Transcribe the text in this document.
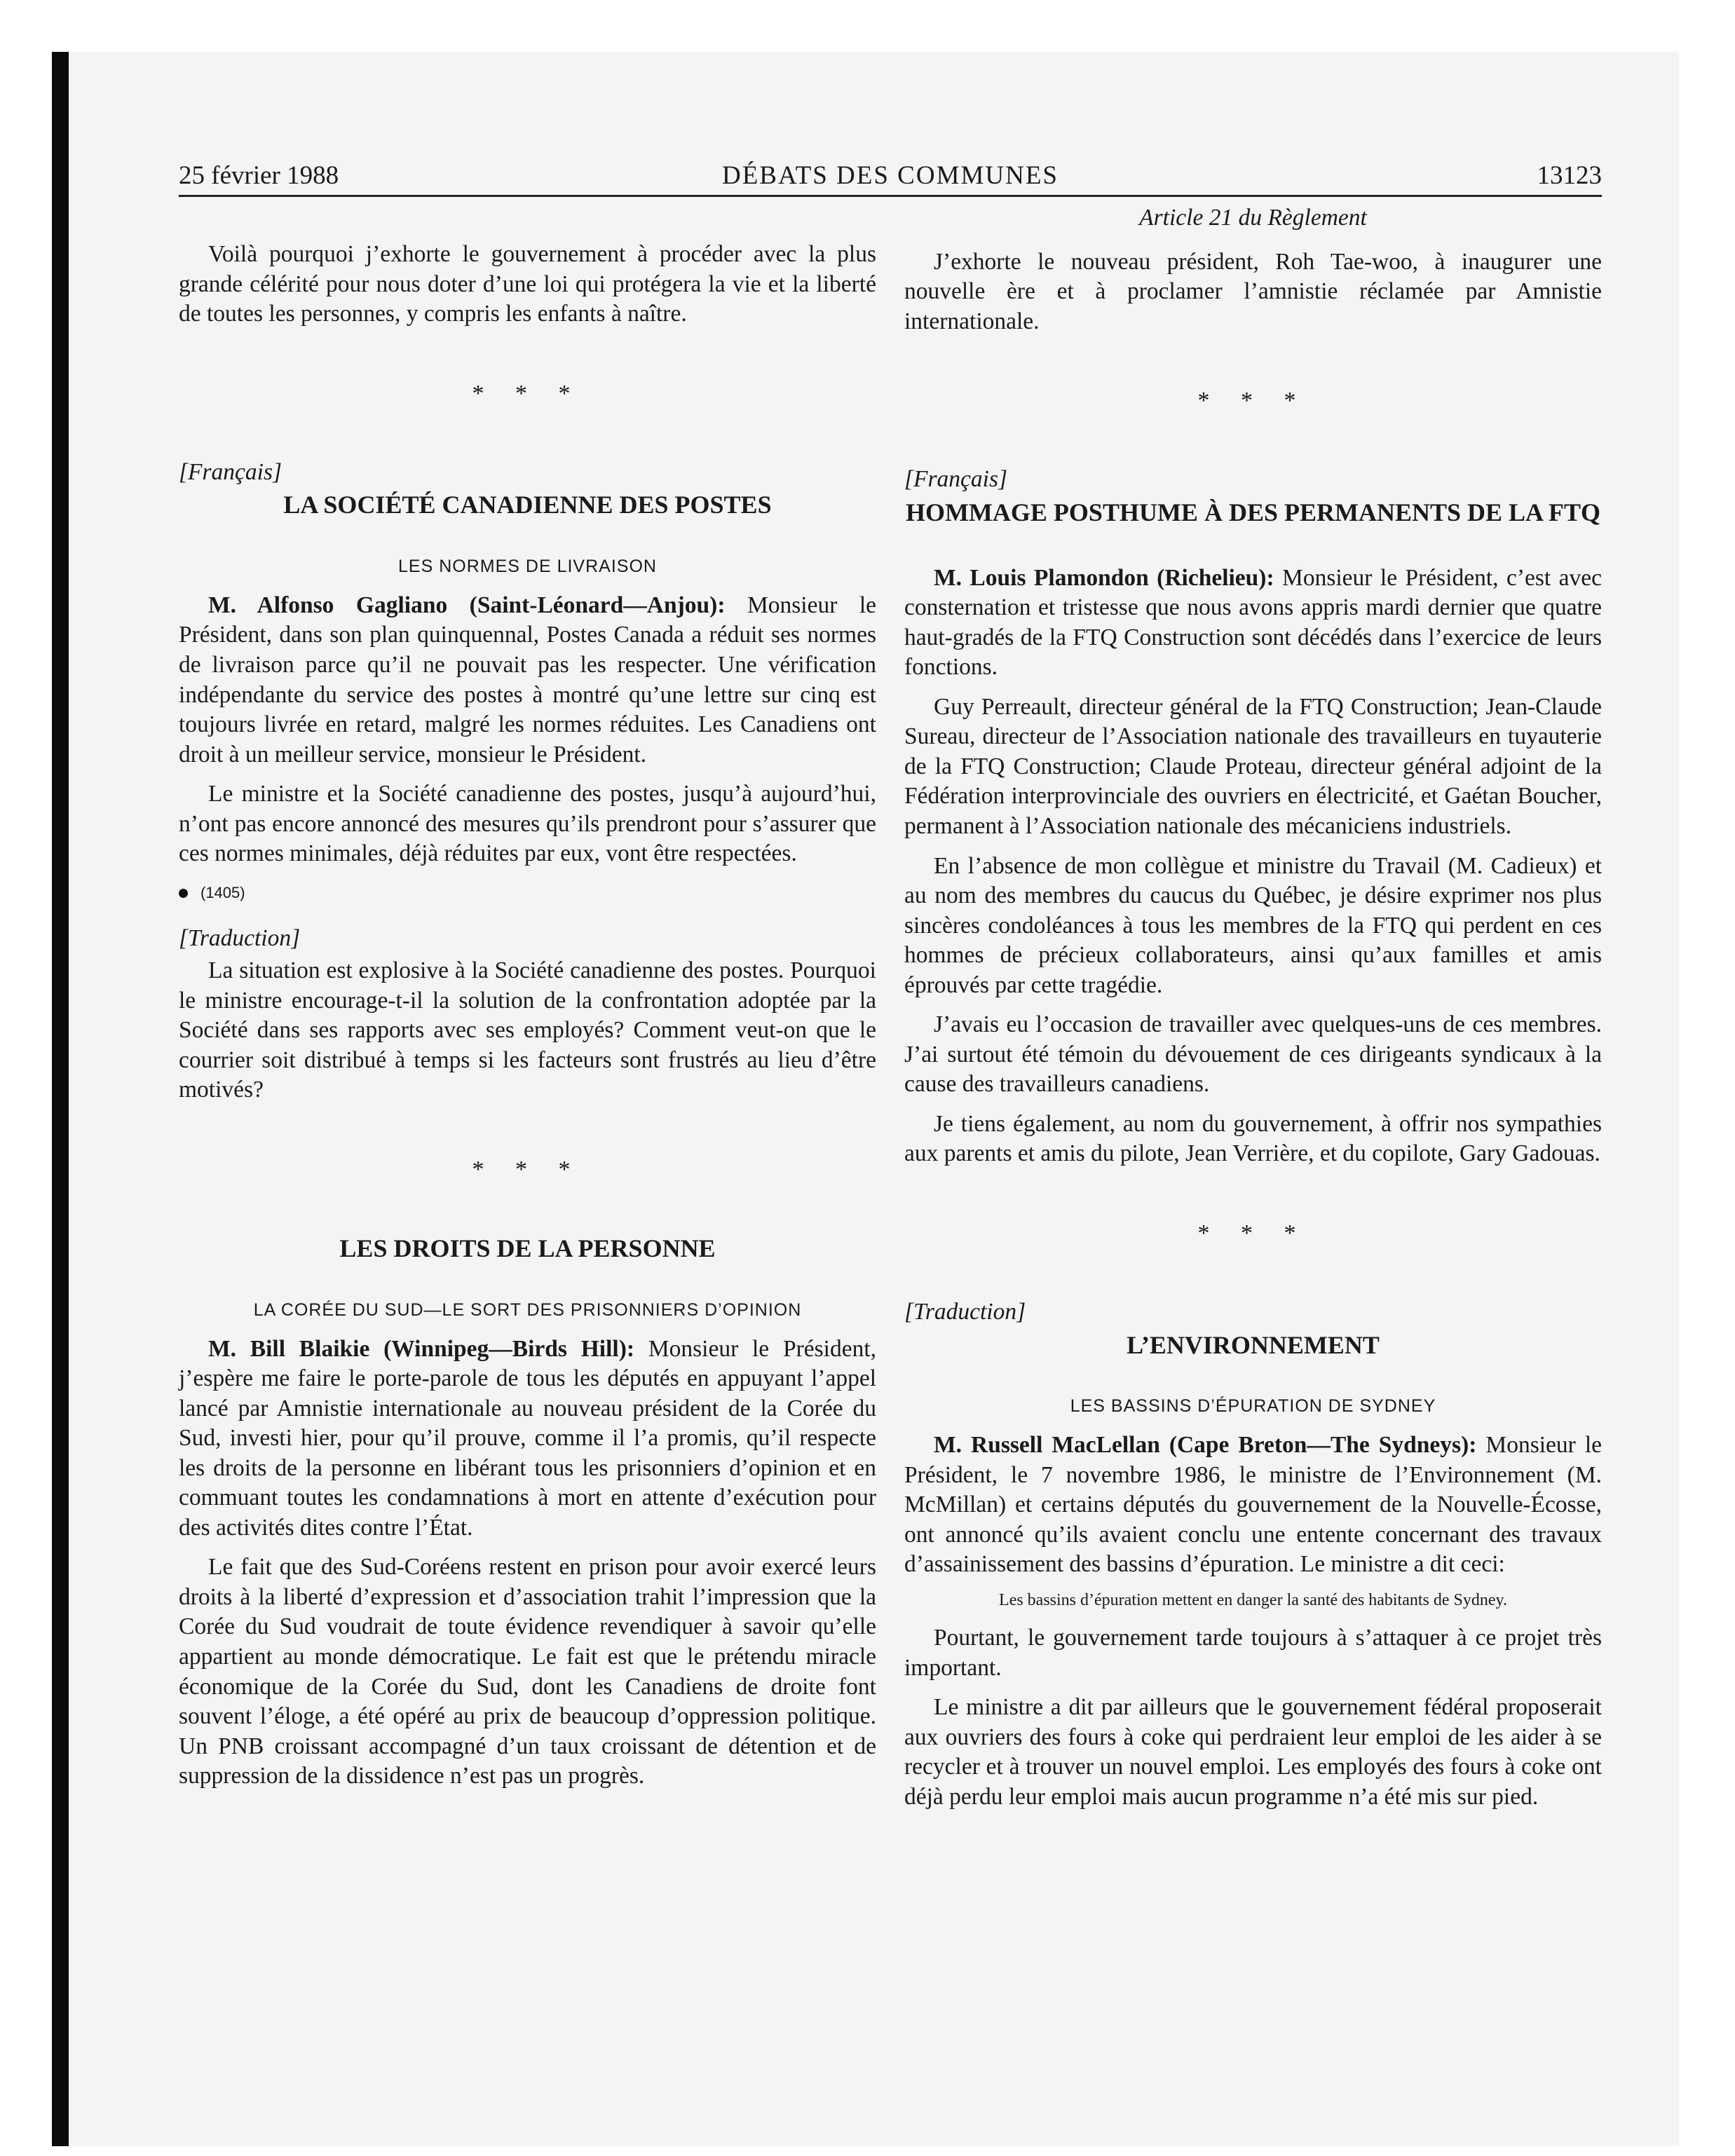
25 février 1988	DÉBATS DES COMMUNES	13123

Voilà pourquoi j’exhorte le gouvernement à procéder avec la plus grande célérité pour nous doter d’une loi qui protégera la vie et la liberté de toutes les personnes, y compris les enfants à naître.

* * *
[Français]
LA SOCIÉTÉ CANADIENNE DES POSTES
LES NORMES DE LIVRAISON

M. Alfonso Gagliano (Saint-Léonard—Anjou): Monsieur le Président, dans son plan quinquennal, Postes Canada a réduit ses normes de livraison parce qu’il ne pouvait pas les respecter. Une vérification indépendante du service des postes à montré qu’une lettre sur cinq est toujours livrée en retard, malgré les normes réduites. Les Canadiens ont droit à un meilleur service, monsieur le Président.

Le ministre et la Société canadienne des postes, jusqu’à aujourd’hui, n’ont pas encore annoncé des mesures qu’ils prendront pour s’assurer que ces normes minimales, déjà réduites par eux, vont être respectées.

(1405)
[Traduction]

La situation est explosive à la Société canadienne des postes. Pourquoi le ministre encourage-t-il la solution de la confrontation adoptée par la Société dans ses rapports avec ses employés? Comment veut-on que le courrier soit distribué à temps si les facteurs sont frustrés au lieu d’être motivés?

* * *
LES DROITS DE LA PERSONNE
LA CORÉE DU SUD—LE SORT DES PRISONNIERS D’OPINION

M. Bill Blaikie (Winnipeg—Birds Hill): Monsieur le Président, j’espère me faire le porte-parole de tous les députés en appuyant l’appel lancé par Amnistie internationale au nouveau président de la Corée du Sud, investi hier, pour qu’il prouve, comme il l’a promis, qu’il respecte les droits de la personne en libérant tous les prisonniers d’opinion et en commuant toutes les condamnations à mort en attente d’exécution pour des activités dites contre l’État.

Le fait que des Sud-Coréens restent en prison pour avoir exercé leurs droits à la liberté d’expression et d’association trahit l’impression que la Corée du Sud voudrait de toute évidence revendiquer à savoir qu’elle appartient au monde démocratique. Le fait est que le prétendu miracle économique de la Corée du Sud, dont les Canadiens de droite font souvent l’éloge, a été opéré au prix de beaucoup d’oppression politique. Un PNB croissant accompagné d’un taux croissant de détention et de suppression de la dissidence n’est pas un progrès.

Article 21 du Règlement

J’exhorte le nouveau président, Roh Tae-woo, à inaugurer une nouvelle ère et à proclamer l’amnistie réclamée par Amnistie internationale.

* * *
[Français]
HOMMAGE POSTHUME À DES PERMANENTS DE LA FTQ

M. Louis Plamondon (Richelieu): Monsieur le Président, c’est avec consternation et tristesse que nous avons appris mardi dernier que quatre haut-gradés de la FTQ Construction sont décédés dans l’exercice de leurs fonctions.

Guy Perreault, directeur général de la FTQ Construction; Jean-Claude Sureau, directeur de l’Association nationale des travailleurs en tuyauterie de la FTQ Construction; Claude Proteau, directeur général adjoint de la Fédération interprovinciale des ouvriers en électricité, et Gaétan Boucher, permanent à l’Association nationale des mécaniciens industriels.

En l’absence de mon collègue et ministre du Travail (M. Cadieux) et au nom des membres du caucus du Québec, je désire exprimer nos plus sincères condoléances à tous les membres de la FTQ qui perdent en ces hommes de précieux collaborateurs, ainsi qu’aux familles et amis éprouvés par cette tragédie.

J’avais eu l’occasion de travailler avec quelques-uns de ces membres. J’ai surtout été témoin du dévouement de ces dirigeants syndicaux à la cause des travailleurs canadiens.

Je tiens également, au nom du gouvernement, à offrir nos sympathies aux parents et amis du pilote, Jean Verrière, et du copilote, Gary Gadouas.

* * *
[Traduction]
L’ENVIRONNEMENT
LES BASSINS D’ÉPURATION DE SYDNEY

M. Russell MacLellan (Cape Breton—The Sydneys): Monsieur le Président, le 7 novembre 1986, le ministre de l’Environnement (M. McMillan) et certains députés du gouvernement de la Nouvelle-Écosse, ont annoncé qu’ils avaient conclu une entente concernant des travaux d’assainissement des bassins d’épuration. Le ministre a dit ceci:

Les bassins d’épuration mettent en danger la santé des habitants de Sydney.

Pourtant, le gouvernement tarde toujours à s’attaquer à ce projet très important.

Le ministre a dit par ailleurs que le gouvernement fédéral proposerait aux ouvriers des fours à coke qui perdraient leur emploi de les aider à se recycler et à trouver un nouvel emploi. Les employés des fours à coke ont déjà perdu leur emploi mais aucun programme n’a été mis sur pied.
